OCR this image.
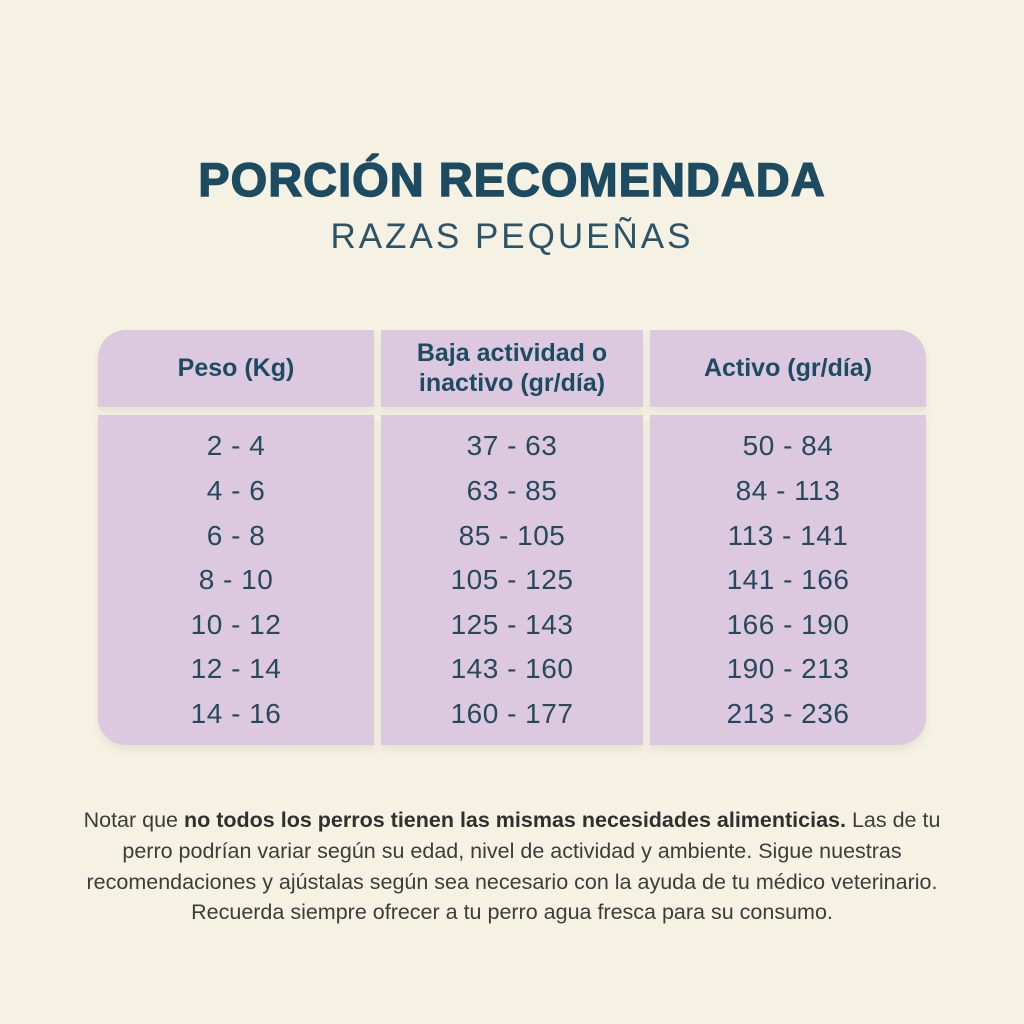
PORCIÓN RECOMENDADA
RAZAS PEQUEÑAS
Peso (Kg)
2 - 4
4 - 6
6 - 8
8 - 10
10 - 12
12 - 14
14 - 16
Baja actividad o inactivo (gr/día)
37 - 63
63 - 85
85 - 105
105 - 125
125 - 143
143 - 160
160 - 177
Activo (gr/día)
50 - 84
84 - 113
113 - 141
141 - 166
166 - 190
190 - 213
213 - 236

Notar que no todos los perros tienen las mismas necesidades alimenticias. Las de tu perro podrían variar según su edad, nivel de actividad y ambiente. Sigue nuestras recomendaciones y ajústalas según sea necesario con la ayuda de tu médico veterinario. Recuerda siempre ofrecer a tu perro agua fresca para su consumo.
